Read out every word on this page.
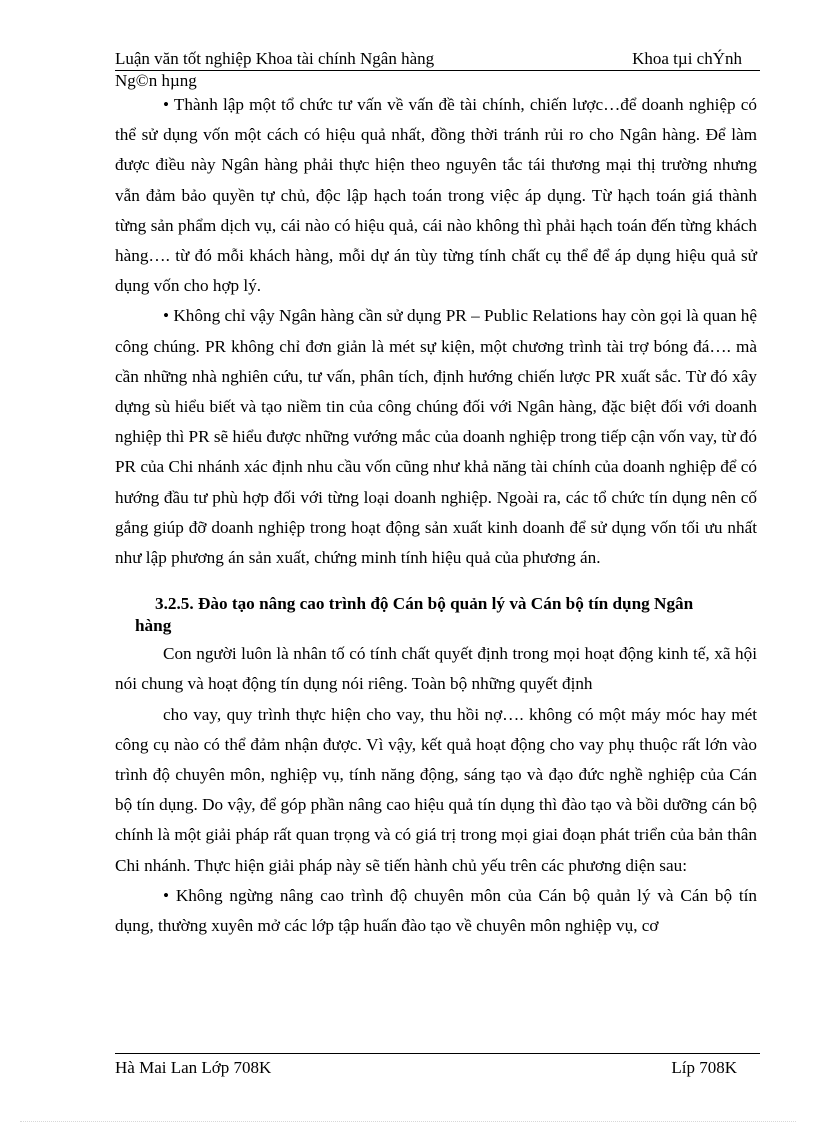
Luận văn tốt nghiệp Khoa tài chính Ngân hàng	Khoa tµi chÝnh
Ng©n hµng

• Thành lập một tổ chức tư vấn về vấn đề tài chính, chiến lược…để doanh nghiệp có thể sử dụng vốn một cách có hiệu quả nhất, đồng thời tránh rủi ro cho Ngân hàng. Để làm được điều này Ngân hàng phải thực hiện theo nguyên tắc tái thương mại thị trường nhưng vẫn đảm bảo quyền tự chủ, độc lập hạch toán trong việc áp dụng. Từ hạch toán giá thành từng sản phẩm dịch vụ, cái nào có hiệu quả, cái nào không thì phải hạch toán đến từng khách hàng…. từ đó mỗi khách hàng, mỗi dự án tùy từng tính chất cụ thể để áp dụng hiệu quả sử dụng vốn cho hợp lý.

• Không chỉ vậy Ngân hàng cần sử dụng PR – Public Relations hay còn gọi là quan hệ công chúng. PR không chỉ đơn giản là mét sự kiện, một chương trình tài trợ bóng đá…. mà cần những nhà nghiên cứu, tư vấn, phân tích, định hướng chiến lược PR xuất sắc. Từ đó xây dựng sù hiểu biết và tạo niềm tin của công chúng đối với Ngân hàng, đặc biệt đối với doanh nghiệp thì PR sẽ hiểu được những vướng mắc của doanh nghiệp trong tiếp cận vốn vay, từ đó PR của Chi nhánh xác định nhu cầu vốn cũng như khả năng tài chính của doanh nghiệp để có hướng đầu tư phù hợp đối với từng loại doanh nghiệp. Ngoài ra, các tổ chức tín dụng nên cố gắng giúp đỡ doanh nghiệp trong hoạt động sản xuất kinh doanh để sử dụng vốn tối ưu nhất như lập phương án sản xuất, chứng minh tính hiệu quả của phương án.

3.2.5. Đào tạo nâng cao trình độ Cán bộ quản lý và Cán bộ tín dụng Ngân
hàng

Con người luôn là nhân tố có tính chất quyết định trong mọi hoạt động kinh tế, xã hội nói chung và hoạt động tín dụng nói riêng. Toàn bộ những quyết định

cho vay, quy trình thực hiện cho vay, thu hồi nợ…. không có một máy móc hay mét công cụ nào có thể đảm nhận được. Vì vậy, kết quả hoạt động cho vay phụ thuộc rất lớn vào trình độ chuyên môn, nghiệp vụ, tính năng động, sáng tạo và đạo đức nghề nghiệp của Cán bộ tín dụng. Do vậy, để góp phần nâng cao hiệu quả tín dụng thì đào tạo và bồi dưỡng cán bộ chính là một giải pháp rất quan trọng và có giá trị trong mọi giai đoạn phát triển của bản thân Chi nhánh. Thực hiện giải pháp này sẽ tiến hành chủ yếu trên các phương diện sau:

• Không ngừng nâng cao trình độ chuyên môn của Cán bộ quản lý và Cán bộ tín dụng, thường xuyên mở các lớp tập huấn đào tạo về chuyên môn nghiệp vụ, cơ

Hà Mai Lan Lớp 708K	Líp 708K
